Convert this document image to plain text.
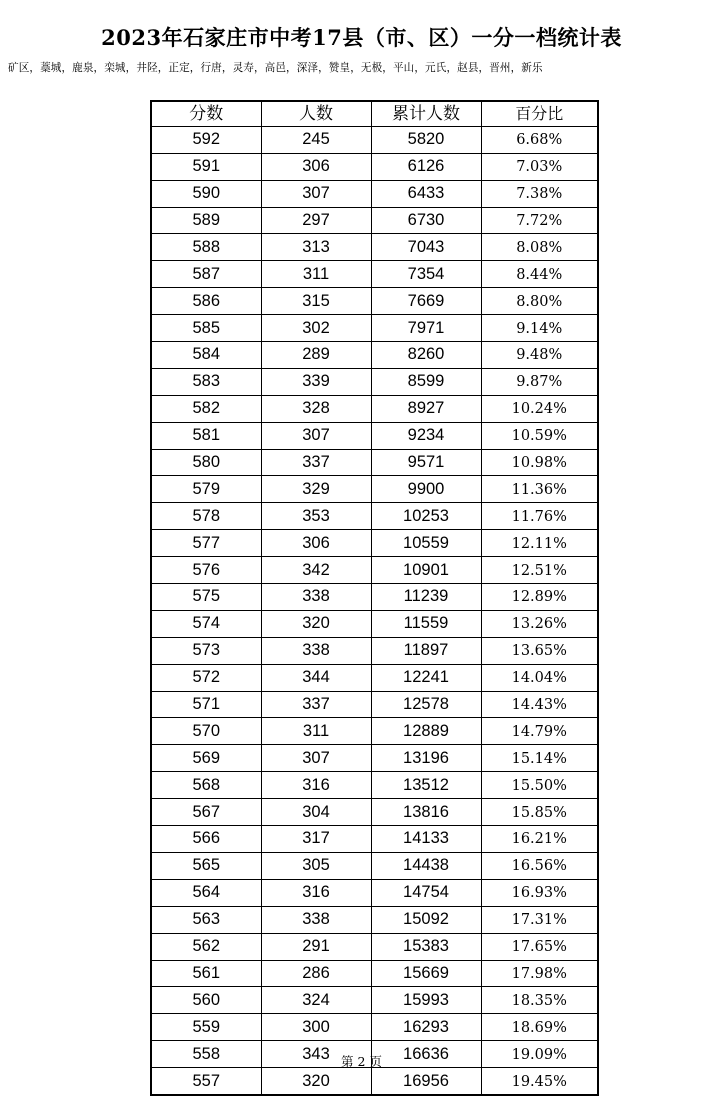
2023年石家庄市中考17县（市、区）一分一档统计表
矿区，藁城，鹿泉，栾城，井陉，正定，行唐，灵寿，高邑，深泽，赞皇，无极，平山，元氏，赵县，晋州，新乐
分数	人数	累计人数	百分比
592	245	5820	6.68%
591	306	6126	7.03%
590	307	6433	7.38%
589	297	6730	7.72%
588	313	7043	8.08%
587	311	7354	8.44%
586	315	7669	8.80%
585	302	7971	9.14%
584	289	8260	9.48%
583	339	8599	9.87%
582	328	8927	10.24%
581	307	9234	10.59%
580	337	9571	10.98%
579	329	9900	11.36%
578	353	10253	11.76%
577	306	10559	12.11%
576	342	10901	12.51%
575	338	11239	12.89%
574	320	11559	13.26%
573	338	11897	13.65%
572	344	12241	14.04%
571	337	12578	14.43%
570	311	12889	14.79%
569	307	13196	15.14%
568	316	13512	15.50%
567	304	13816	15.85%
566	317	14133	16.21%
565	305	14438	16.56%
564	316	14754	16.93%
563	338	15092	17.31%
562	291	15383	17.65%
561	286	15669	17.98%
560	324	15993	18.35%
559	300	16293	18.69%
558	343	16636	19.09%
557	320	16956	19.45%
第 2 页
